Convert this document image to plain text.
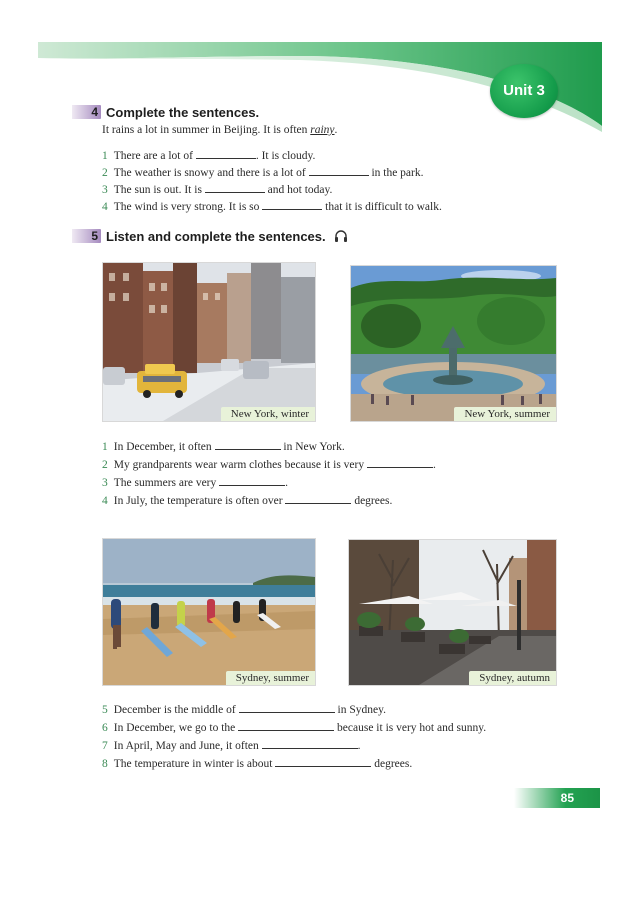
Unit 3
4 Complete the sentences.
It rains a lot in summer in Beijing. It is often rainy.
1 There are a lot of	. It is cloudy.
2 The weather is snowy and there is a lot of	in the park.
3 The sun is out. It is	and hot today.
4 The wind is very strong. It is so	that it is difficult to walk.
5 Listen and complete the sentences.
New York, winter	New York, summer
1 In December, it often	in New York.
2 My grandparents wear warm clothes because it is very	.
3 The summers are very	.
4 In July, the temperature is often over	degrees.
Sydney, summer	Sydney, autumn
5 December is the middle of	in Sydney.
6 In December, we go to the	because it is very hot and sunny.
7 In April, May and June, it often	.
8 The temperature in winter is about	degrees.
85
